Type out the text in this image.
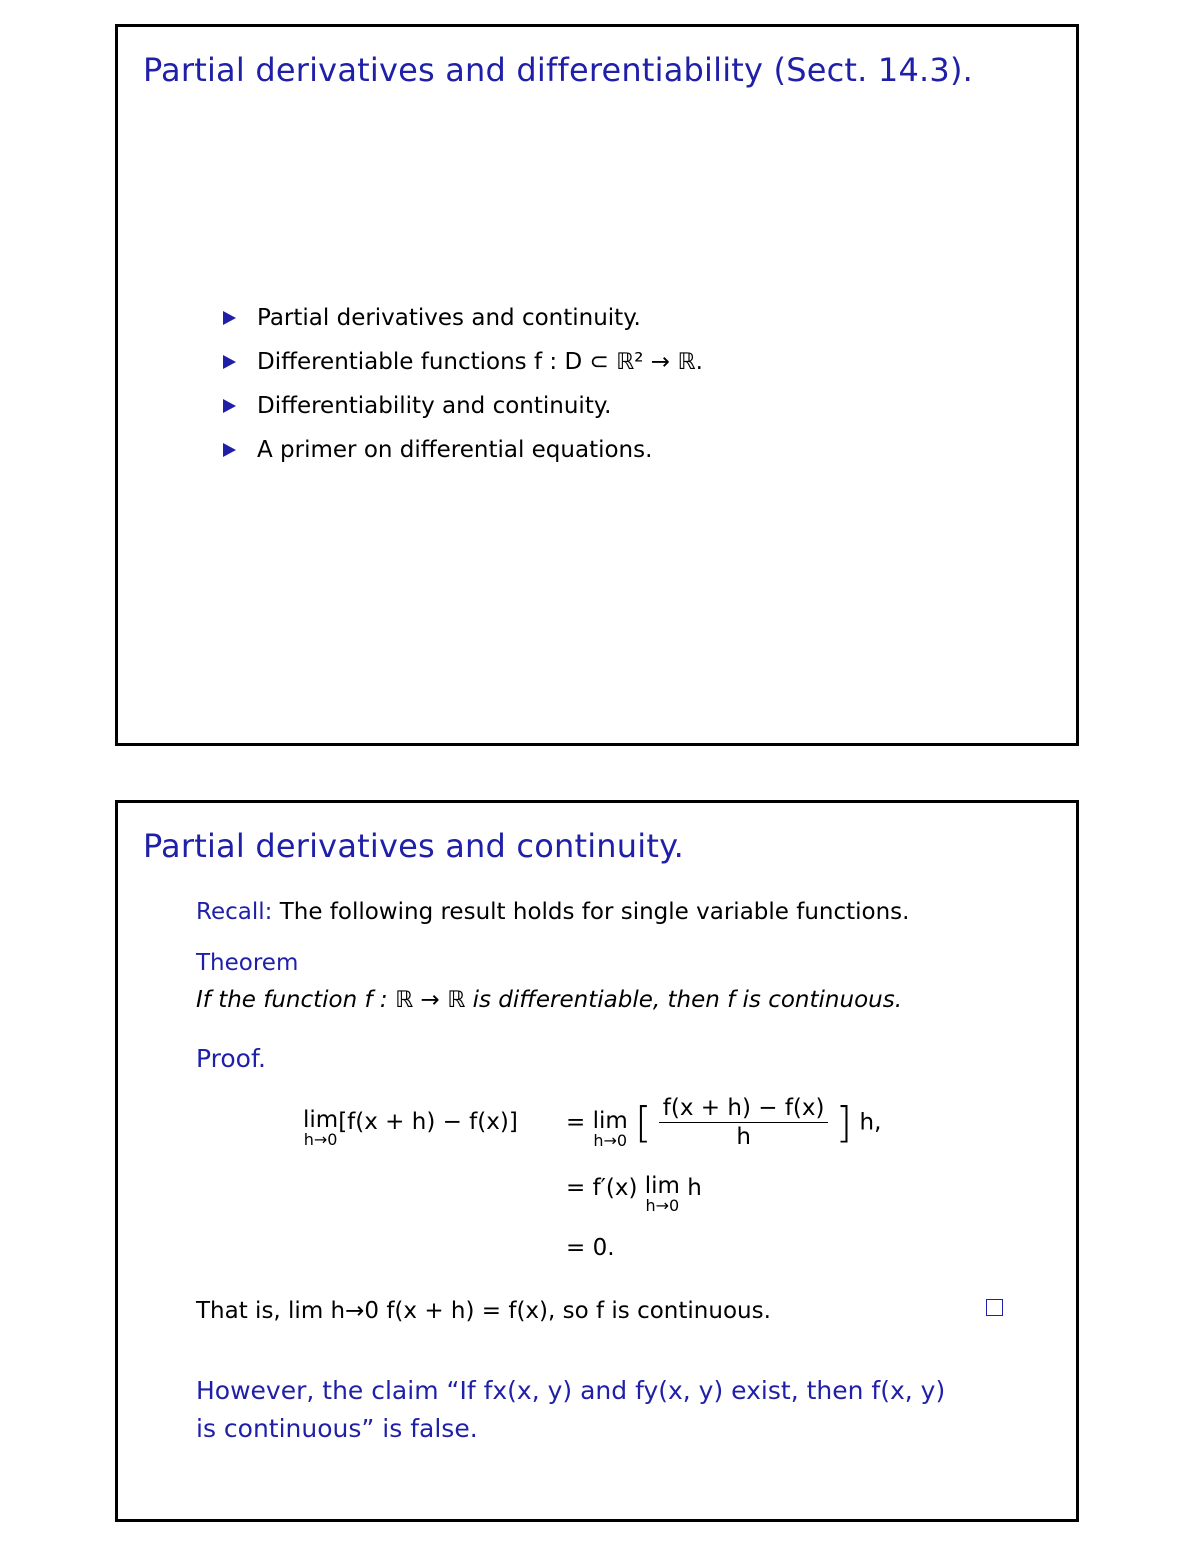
Partial derivatives and differentiability (Sect. 14.3).
Partial derivatives and continuity.
Differentiable functions f : D ⊂ ℝ² → ℝ.
Differentiability and continuity.
A primer on differential equations.
Partial derivatives and continuity.
Recall: The following result holds for single variable functions.
Theorem
If the function f : ℝ → ℝ is differentiable, then f is continuous.
Proof.
lim
h→0
[f(x + h) − f(x)] = lim
h→0 [ $\frac{f(x + h) - f(x)}{h}$ ] h,
= f′(x) lim
h→0
h
= 0.
That is, lim h→0 f(x + h) = f(x), so f is continuous.
However, the claim “If fx(x, y) and fy(x, y) exist, then f(x, y)
is continuous” is false.
